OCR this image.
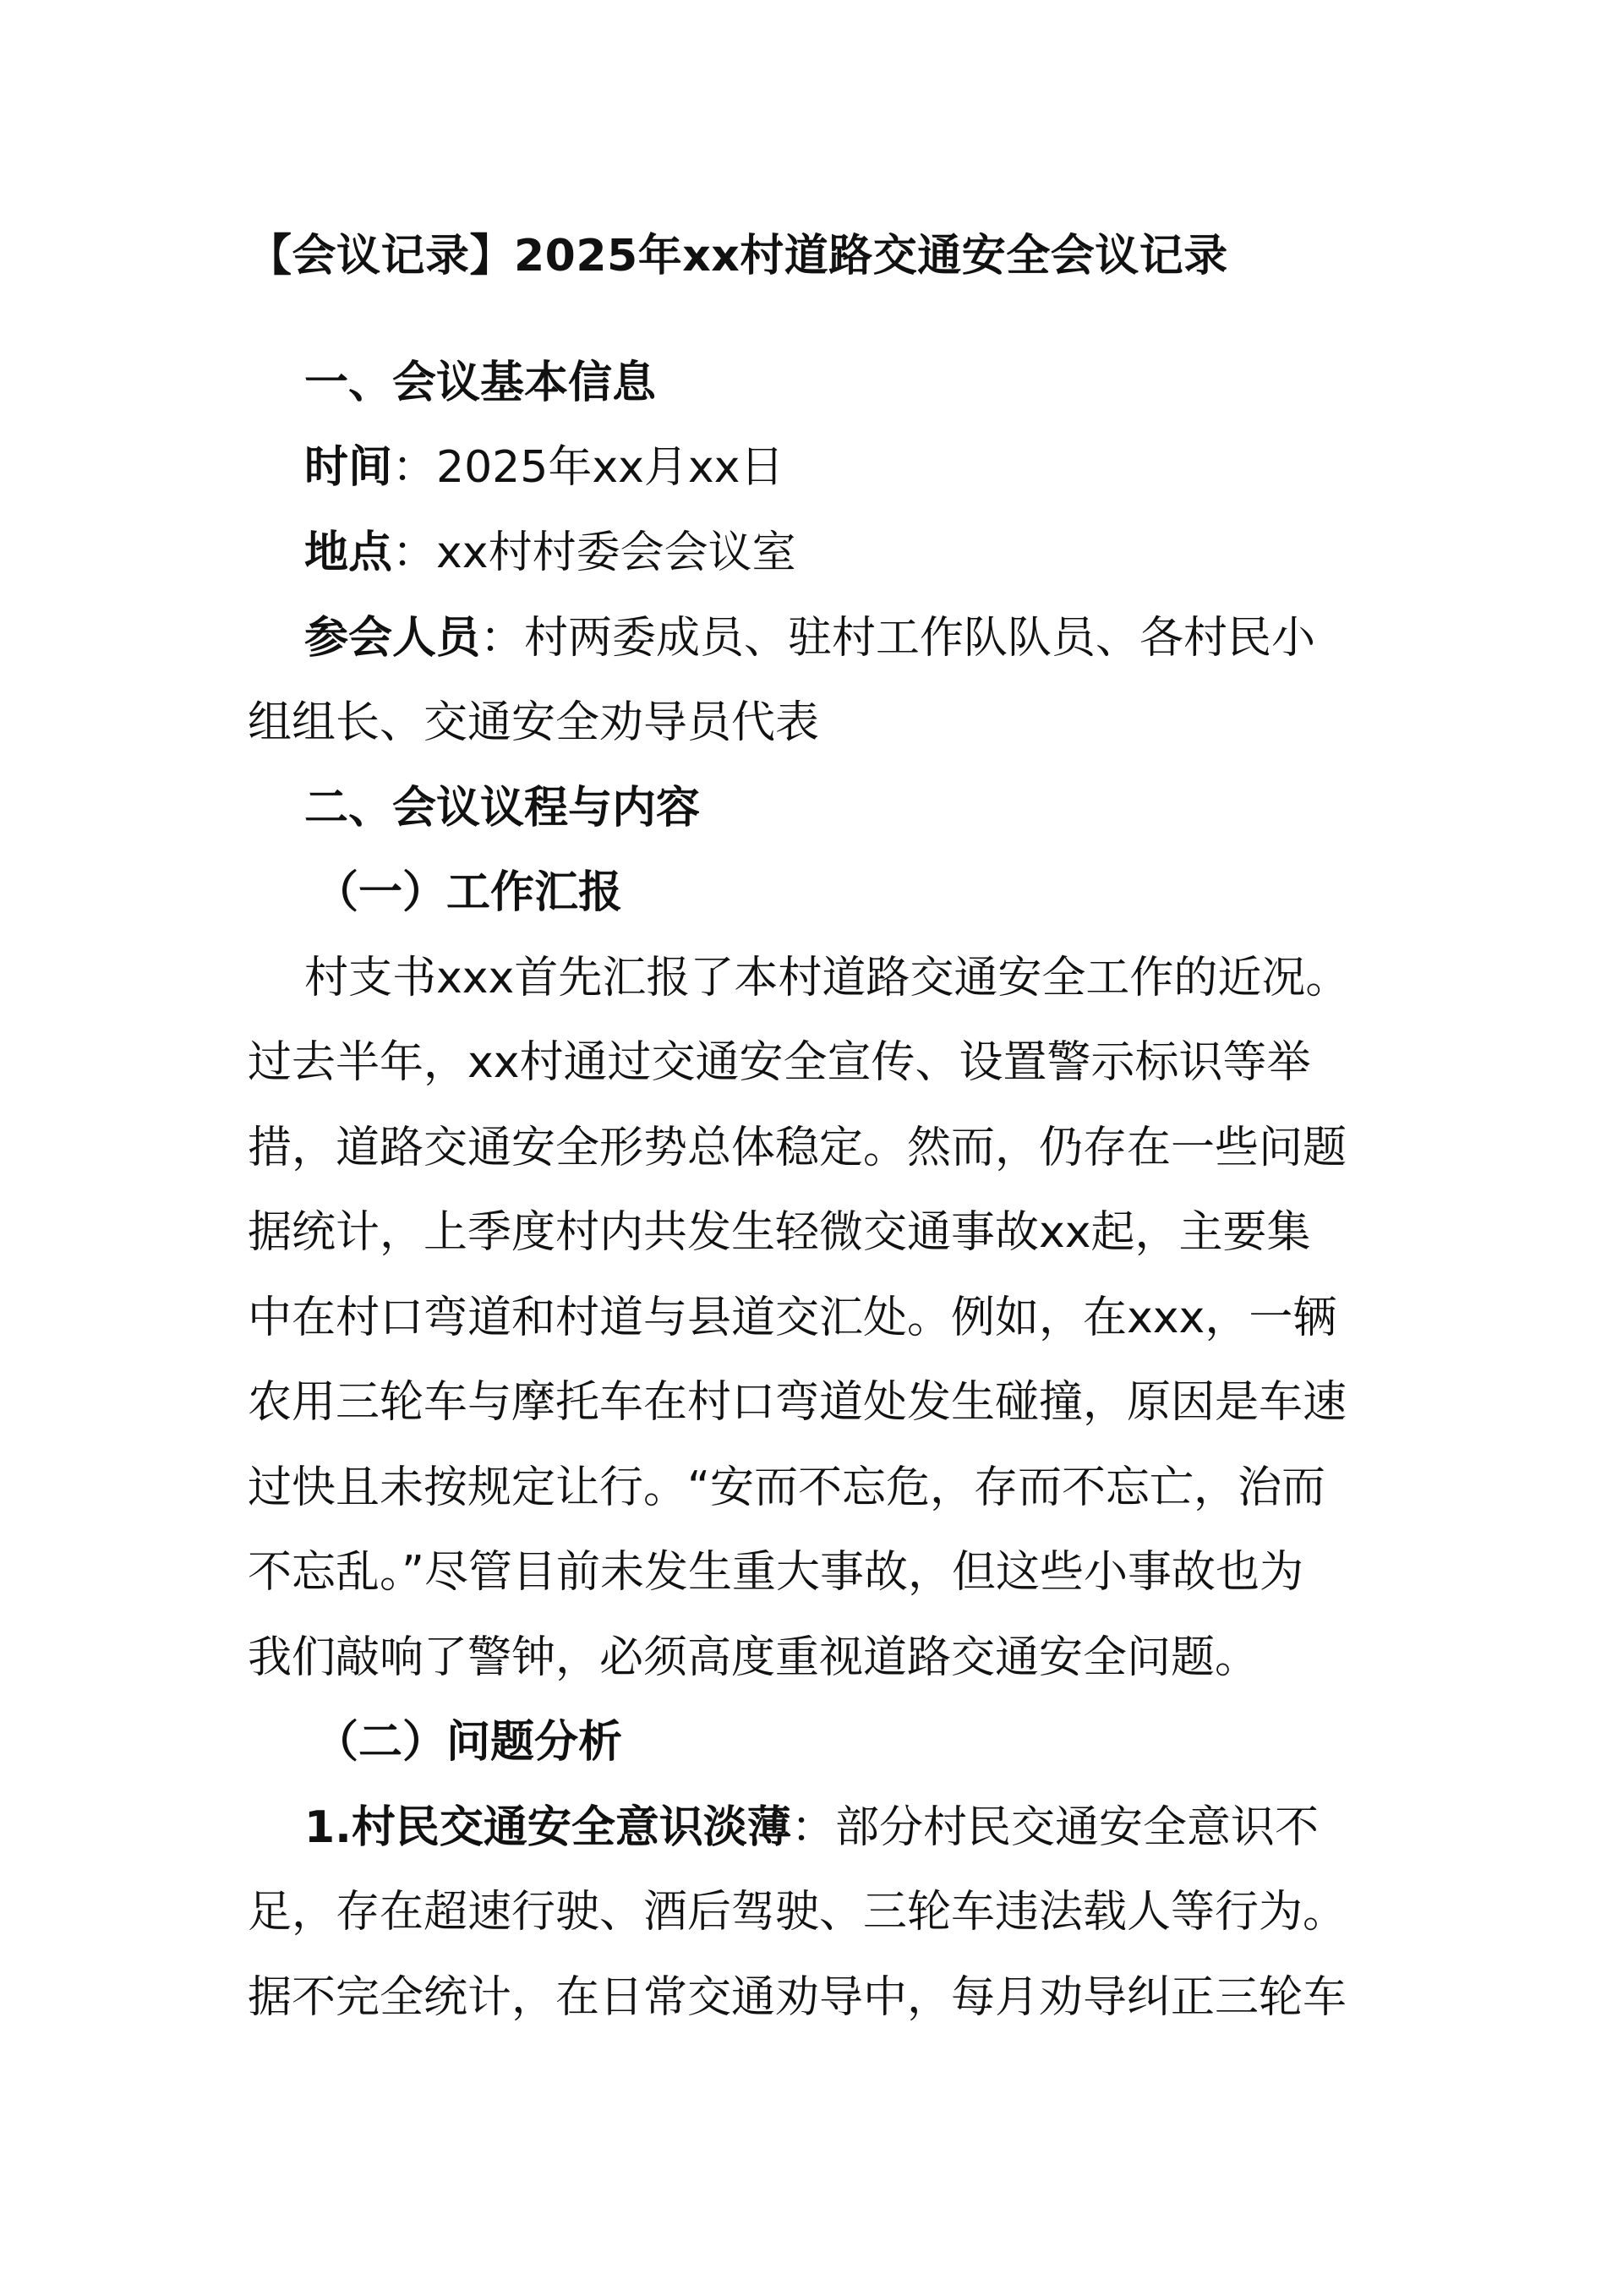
【会议记录】2025年xx村道路交通安全会议记录
一、会议基本信息
时间：2025年xx月xx日
地点：xx村村委会会议室
参会人员：村两委成员、驻村工作队队员、各村民小
组组长、交通安全劝导员代表
二、会议议程与内容
（一）工作汇报
村支书xxx首先汇报了本村道路交通安全工作的近况。
过去半年，xx村通过交通安全宣传、设置警示标识等举
措，道路交通安全形势总体稳定。然而，仍存在一些问题
据统计，上季度村内共发生轻微交通事故xx起，主要集
中在村口弯道和村道与县道交汇处。例如，在xxx，一辆
农用三轮车与摩托车在村口弯道处发生碰撞，原因是车速
过快且未按规定让行。“安而不忘危，存而不忘亡，治而
不忘乱。”尽管目前未发生重大事故，但这些小事故也为
我们敲响了警钟，必须高度重视道路交通安全问题。
（二）问题分析
1.村民交通安全意识淡薄：部分村民交通安全意识不
足，存在超速行驶、酒后驾驶、三轮车违法载人等行为。
据不完全统计，在日常交通劝导中，每月劝导纠正三轮车
